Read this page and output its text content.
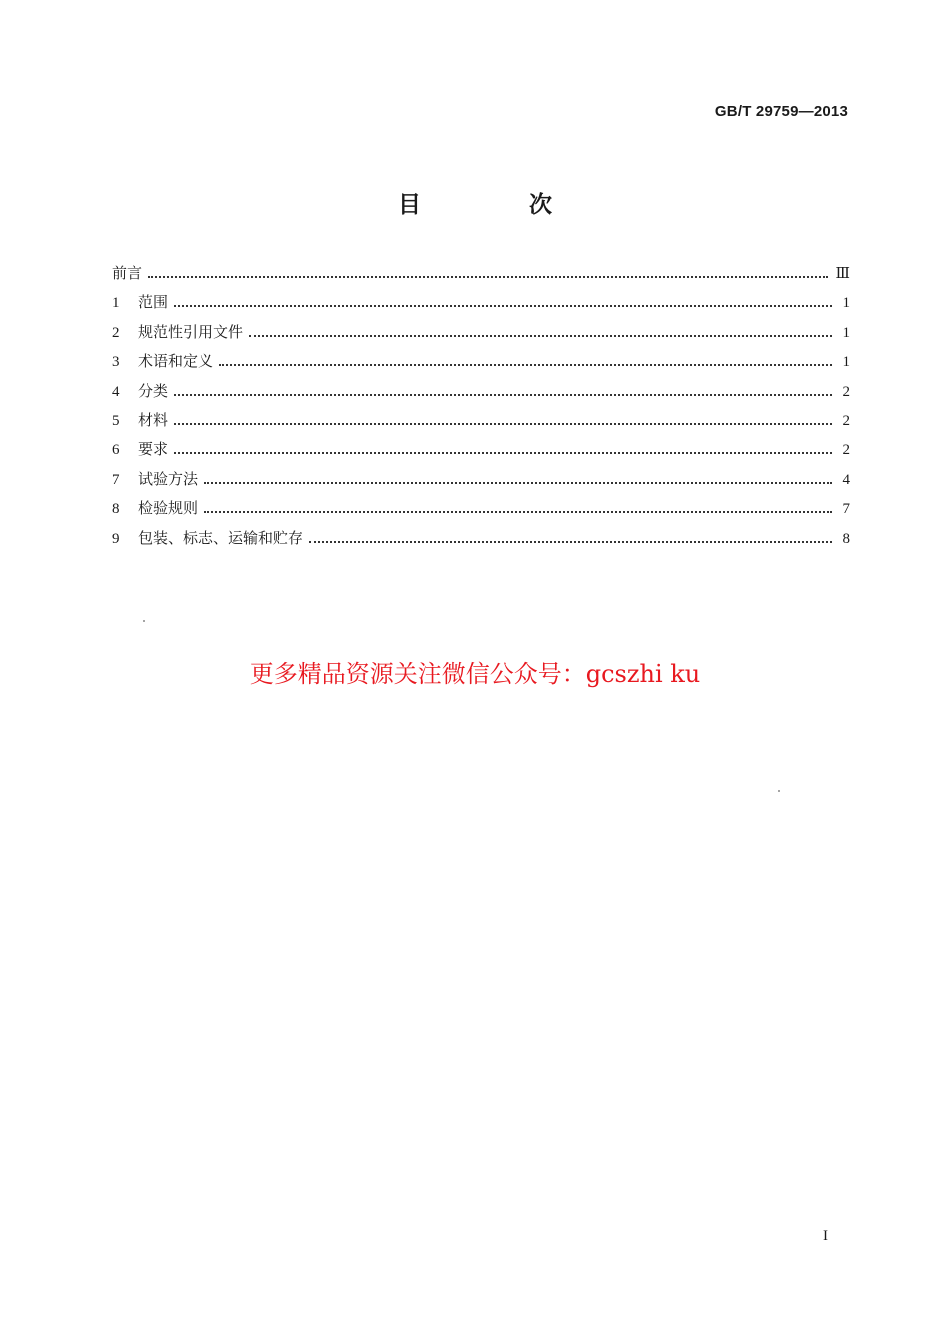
GB/T 29759—2013
目 次
前言	Ⅲ
1	范围	1
2	规范性引用文件	1
3	术语和定义	1
4	分类	2
5	材料	2
6	要求	2
7	试验方法	4
8	检验规则	7
9	包装、标志、运输和贮存	8
更多精品资源关注微信公众号：gcszhi ku
I
